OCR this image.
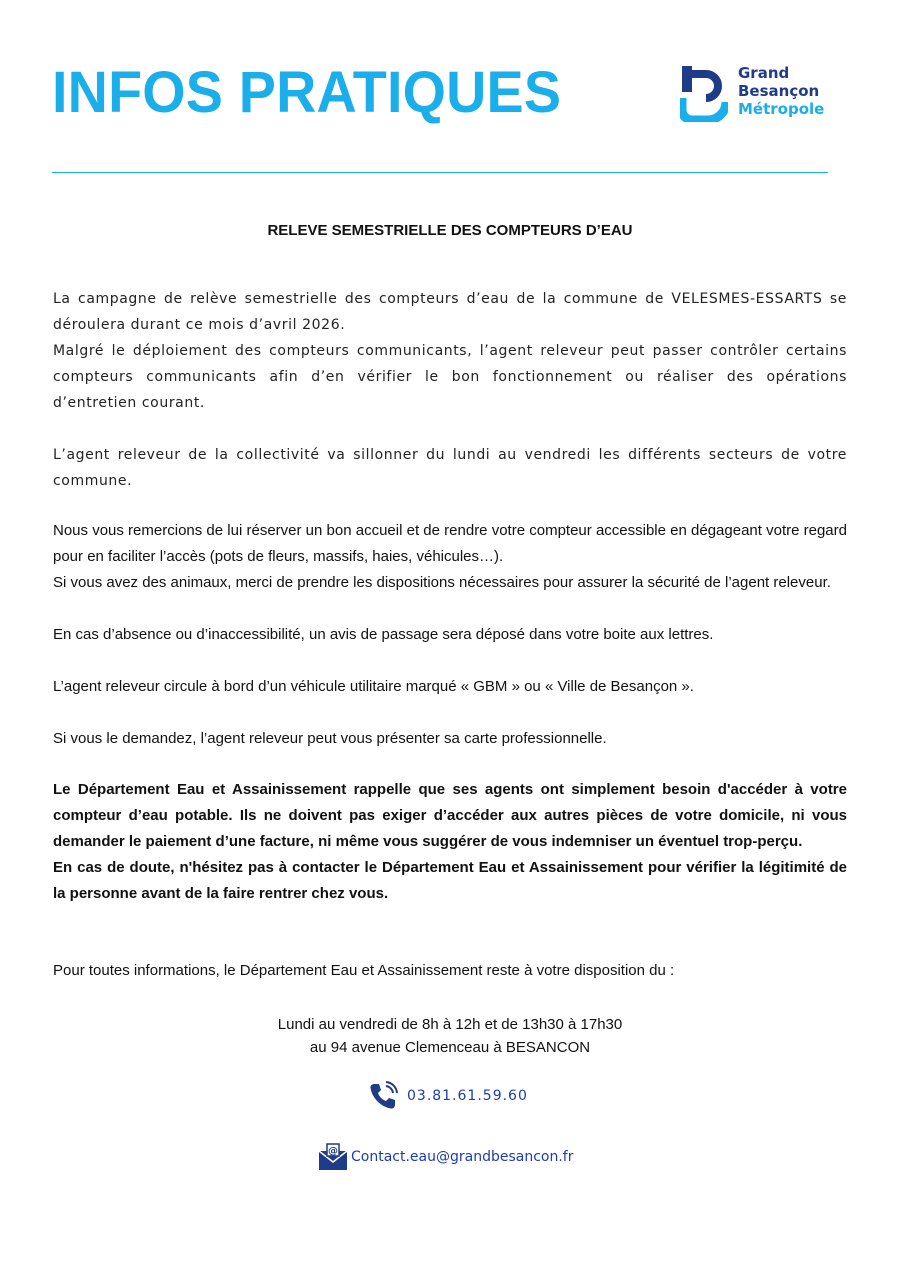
INFOS PRATIQUES	Grand
Besançon
Métropole

RELEVE SEMESTRIELLE DES COMPTEURS D’EAU

La campagne de relève semestrielle des compteurs d’eau de la commune de VELESMES-ESSARTS se déroulera durant ce mois d’avril 2026.

Malgré le déploiement des compteurs communicants, l’agent releveur peut passer contrôler certains compteurs communicants afin d’en vérifier le bon fonctionnement ou réaliser des opérations d’entretien courant.

L’agent releveur de la collectivité va sillonner du lundi au vendredi les différents secteurs de votre commune.

Nous vous remercions de lui réserver un bon accueil et de rendre votre compteur accessible en dégageant votre regard pour en faciliter l’accès (pots de fleurs, massifs, haies, véhicules…).

Si vous avez des animaux, merci de prendre les dispositions nécessaires pour assurer la sécurité de l’agent releveur.

En cas d’absence ou d’inaccessibilité, un avis de passage sera déposé dans votre boite aux lettres.

L’agent releveur circule à bord d’un véhicule utilitaire marqué « GBM » ou « Ville de Besançon ».

Si vous le demandez, l’agent releveur peut vous présenter sa carte professionnelle.

Le Département Eau et Assainissement rappelle que ses agents ont simplement besoin d'accéder à votre compteur d’eau potable. Ils ne doivent pas exiger d’accéder aux autres pièces de votre domicile, ni vous demander le paiement d’une facture, ni même vous suggérer de vous indemniser un éventuel trop-perçu.

En cas de doute, n'hésitez pas à contacter le Département Eau et Assainissement pour vérifier la légitimité de la personne avant de la faire rentrer chez vous.

Pour toutes informations, le Département Eau et Assainissement reste à votre disposition du :

Lundi au vendredi de 8h à 12h et de 13h30 à 17h30
au 94 avenue Clemenceau à BESANCON

03.81.61.59.60
@ Contact.eau@grandbesancon.fr
